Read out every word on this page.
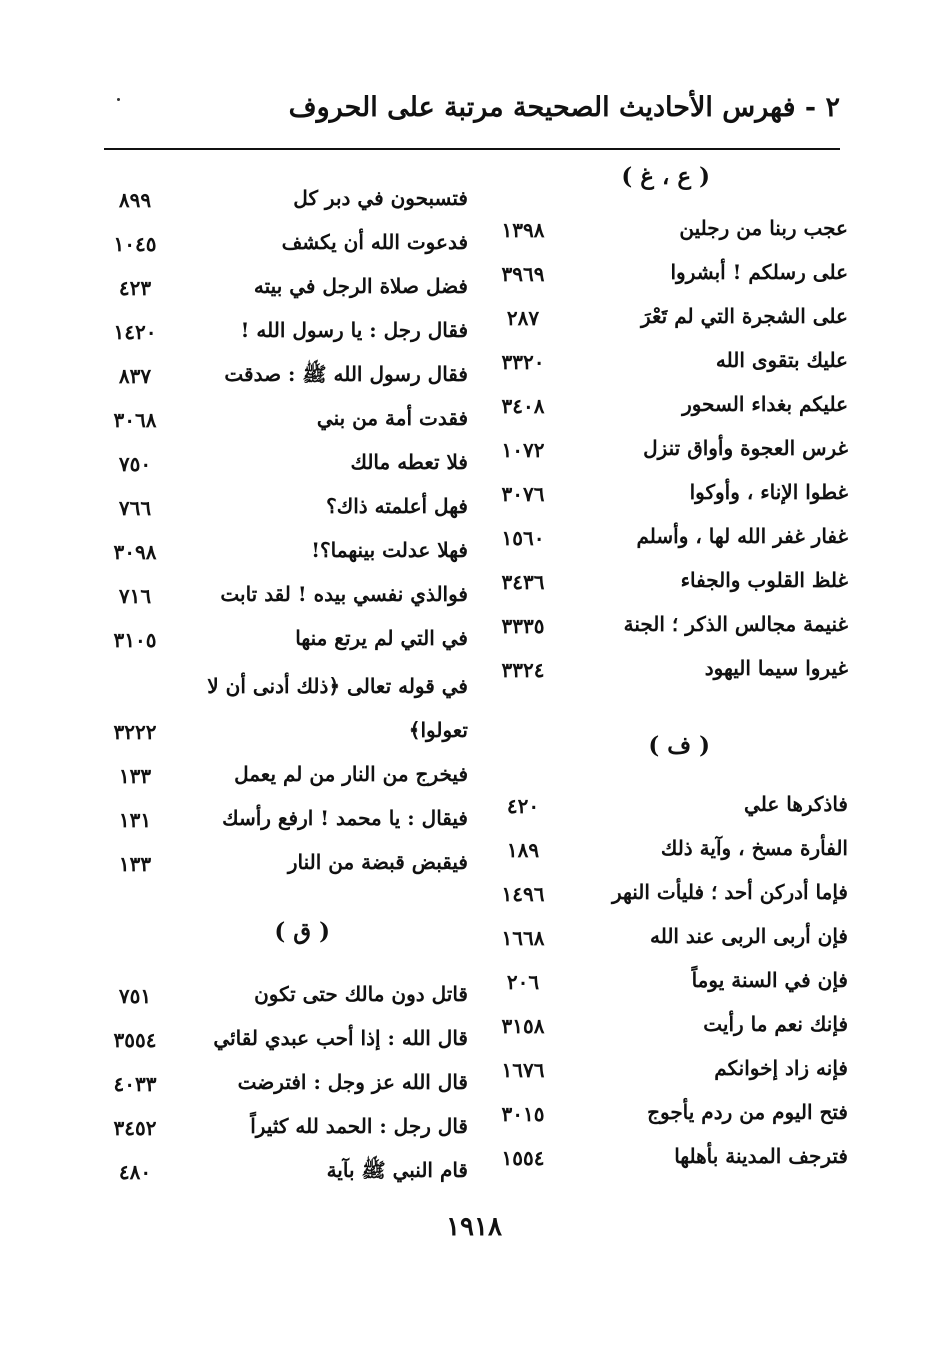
٢ - فهرس الأحاديث الصحيحة مرتبة على الحروف
( ع ، غ )
عجب ربنا من رجلين
١٣٩٨
على رسلكم ! أبشروا
٣٩٦٩
على الشجرة التي لم تَعْرَ
٢٨٧
عليك بتقوى الله
٣٣٢٠
عليكم بغداء السحور
٣٤٠٨
غرس العجوة وأواق تنزل
١٠٧٢
غطوا الإناء ، وأوكوا
٣٠٧٦
غفار غفر الله لها ، وأسلم
١٥٦٠
غلظ القلوب والجفاء
٣٤٣٦
غنيمة مجالس الذكر ؛ الجنة
٣٣٣٥
غيروا سيما اليهود
٣٣٢٤
( ف )
فاذكرها علي
٤٢٠
الفأرة مسخ ، وآية ذلك
١٨٩
فإما أدركن أحد ؛ فليأت النهر
١٤٩٦
فإن أربى الربى عند الله
١٦٦٨
فإن في السنة يوماً
٢٠٦
فإنك نعم ما رأيت
٣١٥٨
فإنه زاد إخوانكم
١٦٧٦
فتح اليوم من ردم يأجوج
٣٠١٥
فترجف المدينة بأهلها
١٥٥٤
فتسبحون في دبر كل
٨٩٩
فدعوت الله أن يكشف
١٠٤٥
فضل صلاة الرجل في بيته
٤٢٣
فقال رجل : يا رسول الله !
١٤٢٠
فقال رسول الله ﷺ : صدقت
٨٣٧
فقدت أمة من بني
٣٠٦٨
فلا تعطه مالك
٧٥٠
فهل أعلمته ذاك؟
٧٦٦
فهلا عدلت بينهما؟!
٣٠٩٨
فوالذي نفسي بيده ! لقد تابت
٧١٦
في التي لم يرتع منها
٣١٠٥
في قوله تعالى ﴿ذلك أدنى أن لا
تعولوا﴾
٣٢٢٢
فيخرج من النار من لم يعمل
١٣٣
فيقال : يا محمد ! ارفع رأسك
١٣١
فيقبض قبضة من النار
١٣٣
( ق )
قاتل دون مالك حتى تكون
٧٥١
قال الله : إذا أحب عبدي لقائي
٣٥٥٤
قال الله عز وجل : افترضت
٤٠٣٣
قال رجل : الحمد لله كثيراً
٣٤٥٢
قام النبي ﷺ بآية
٤٨٠
١٩١٨
